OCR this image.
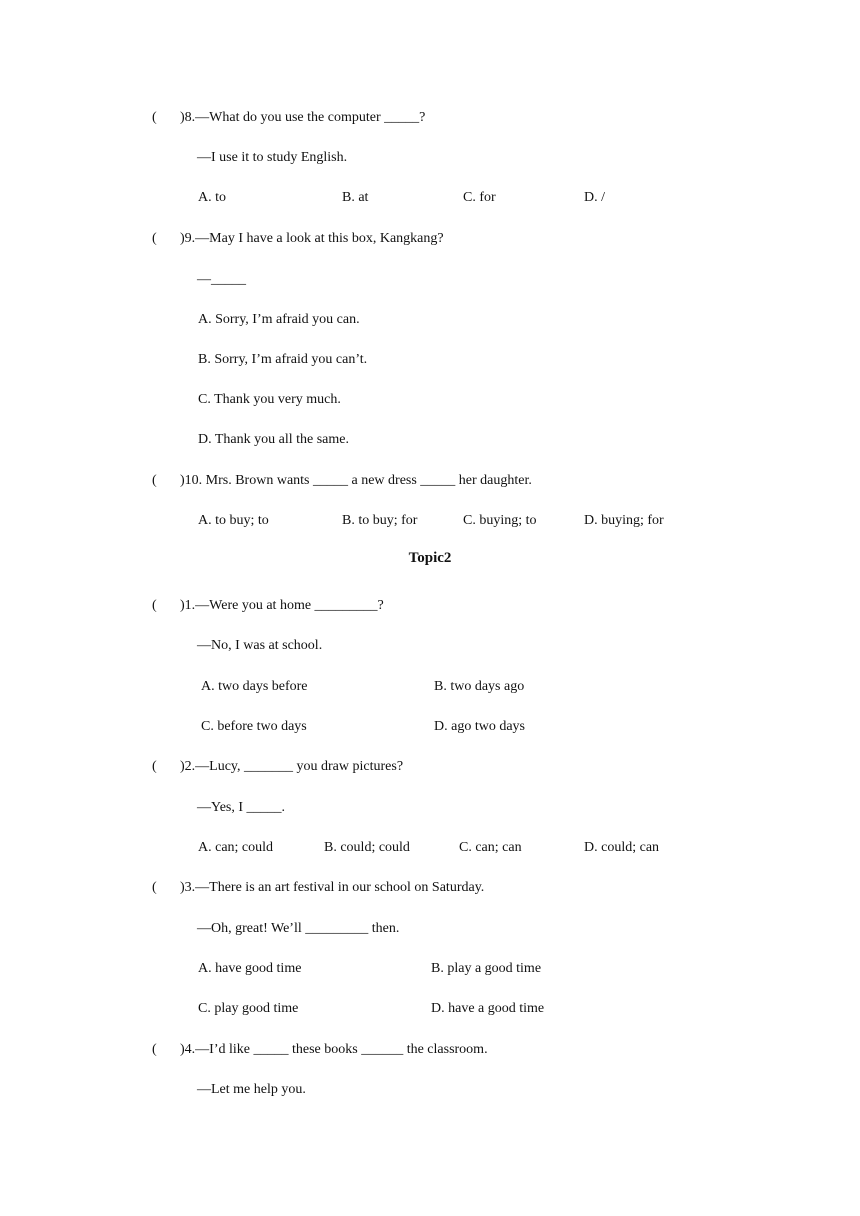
( )8.—What do you use the computer _____?
—I use it to study English.
A. to	B. at	C. for	D. /
( )9.—May I have a look at this box, Kangkang?
—_____
A. Sorry, I’m afraid you can.
B. Sorry, I’m afraid you can’t.
C. Thank you very much.
D. Thank you all the same.
( )10. Mrs. Brown wants _____ a new dress _____ her daughter.
A. to buy; to	B. to buy; for	C. buying; to	D. buying; for
Topic2
( )1.—Were you at home _________?
—No, I was at school.
A. two days before	B. two days ago
C. before two days	D. ago two days
( )2.—Lucy, _______ you draw pictures?
—Yes, I _____.
A. can; could	B. could; could	C. can; can	D. could; can
( )3.—There is an art festival in our school on Saturday.
—Oh, great! We’ll _________ then.
A. have good time	B. play a good time
C. play good time	D. have a good time
( )4.—I’d like _____ these books ______ the classroom.
—Let me help you.
